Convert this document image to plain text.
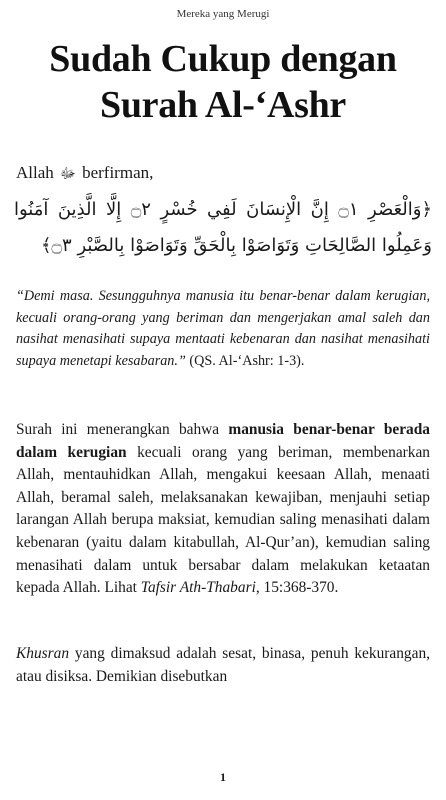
Mereka yang Merugi
Sudah Cukup dengan
Surah Al-‘Ashr
Allah ﷻ berfirman,
﴿وَالْعَصْرِ ۝١ إِنَّ الْإِنسَانَ لَفِي خُسْرٍ ۝٢ إِلَّا الَّذِينَ آمَنُوا وَعَمِلُوا الصَّالِحَاتِ وَتَوَاصَوْا بِالْحَقِّ وَتَوَاصَوْا بِالصَّبْرِ ۝٣﴾
“Demi masa. Sesungguhnya manusia itu benar-benar dalam kerugian, kecuali orang-orang yang beriman dan mengerjakan amal saleh dan nasihat menasihati supaya mentaati kebenaran dan nasihat menasihati supaya menetapi kesabaran.” (QS. Al-‘Ashr: 1-3).
Surah ini menerangkan bahwa manusia benar-benar berada dalam kerugian kecuali orang yang beriman, membenarkan Allah, mentauhidkan Allah, mengakui keesaan Allah, menaati Allah, beramal saleh, melaksanakan kewajiban, menjauhi setiap larangan Allah berupa maksiat, kemudian saling menasihati dalam kebenaran (yaitu dalam kitabullah, Al-Qur’an), kemudian saling menasihati dalam untuk bersabar dalam melakukan ketaatan kepada Allah. Lihat Tafsir Ath-Thabari, 15:368-370.
Khusran yang dimaksud adalah sesat, binasa, penuh kekurangan, atau disiksa. Demikian disebutkan
1
